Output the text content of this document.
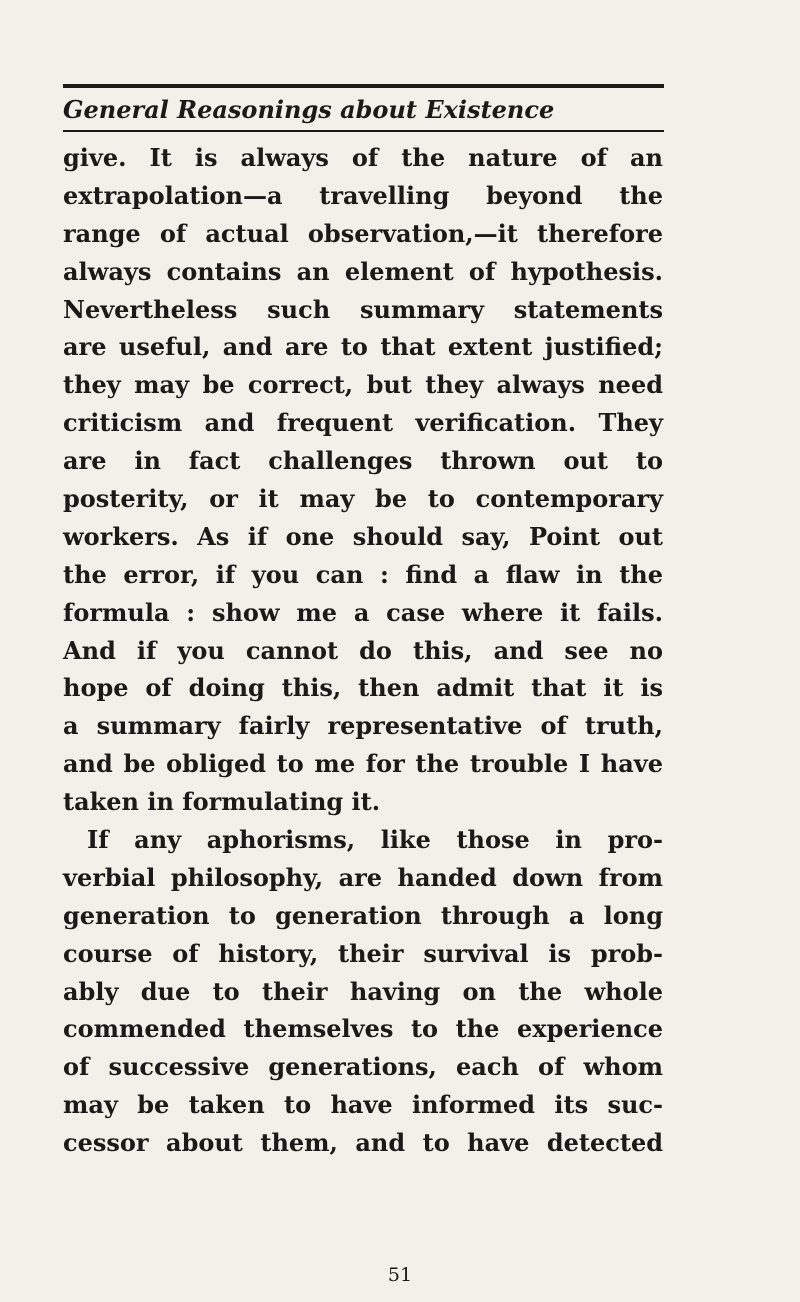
General Reasonings about Existence
give. It is always of the nature of an
extrapolation—a travelling beyond the
range of actual observation,—it therefore
always contains an element of hypothesis.
Nevertheless such summary statements
are useful, and are to that extent justified;
they may be correct, but they always need
criticism and frequent verification. They
are in fact challenges thrown out to
posterity, or it may be to contemporary
workers. As if one should say, Point out
the error, if you can : find a flaw in the
formula : show me a case where it fails.
And if you cannot do this, and see no
hope of doing this, then admit that it is
a summary fairly representative of truth,
and be obliged to me for the trouble I have
taken in formulating it.
If any aphorisms, like those in pro-
verbial philosophy, are handed down from
generation to generation through a long
course of history, their survival is prob-
ably due to their having on the whole
commended themselves to the experience
of successive generations, each of whom
may be taken to have informed its suc-
cessor about them, and to have detected
51
